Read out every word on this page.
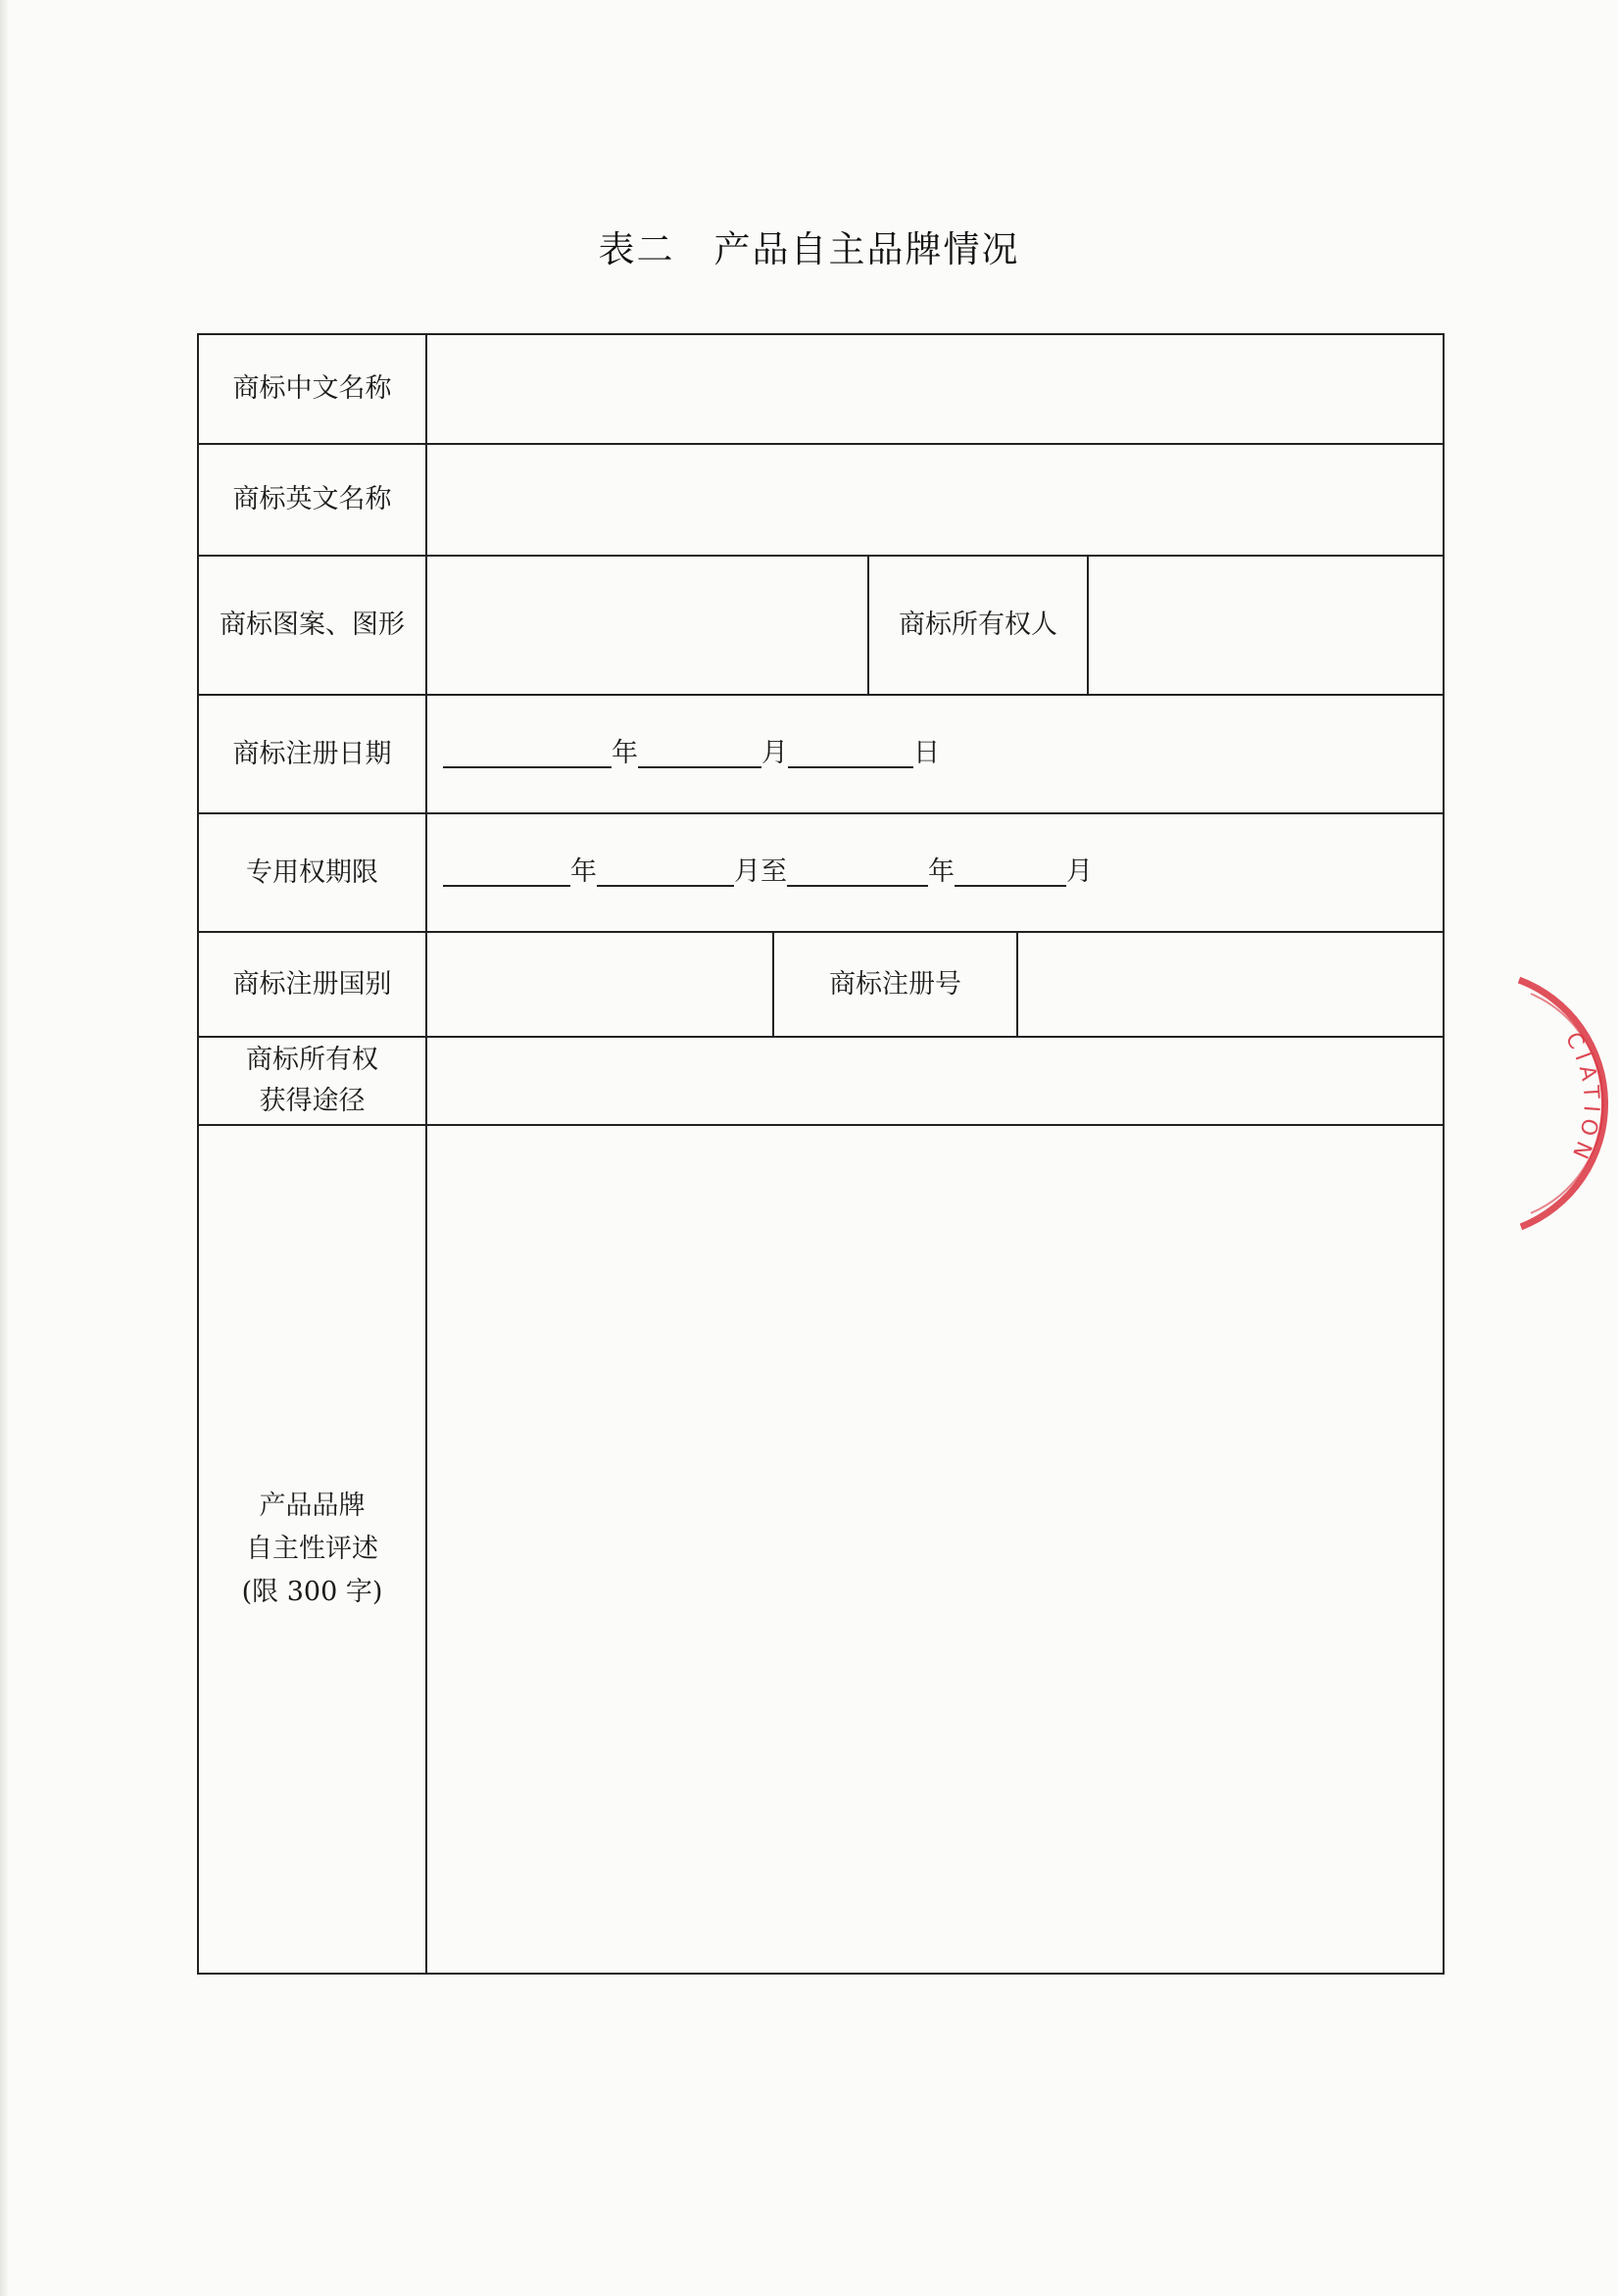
表二 产品自主品牌情况
商标中文名称
商标英文名称
商标图案、图形	商标所有权人
商标注册日期	年	月	日
专用权期限	年	月至	年	月
商标注册国别	商标注册号
商标所有权
获得途径
产品品牌
自主性评述
(限 300 字)
CIATION
